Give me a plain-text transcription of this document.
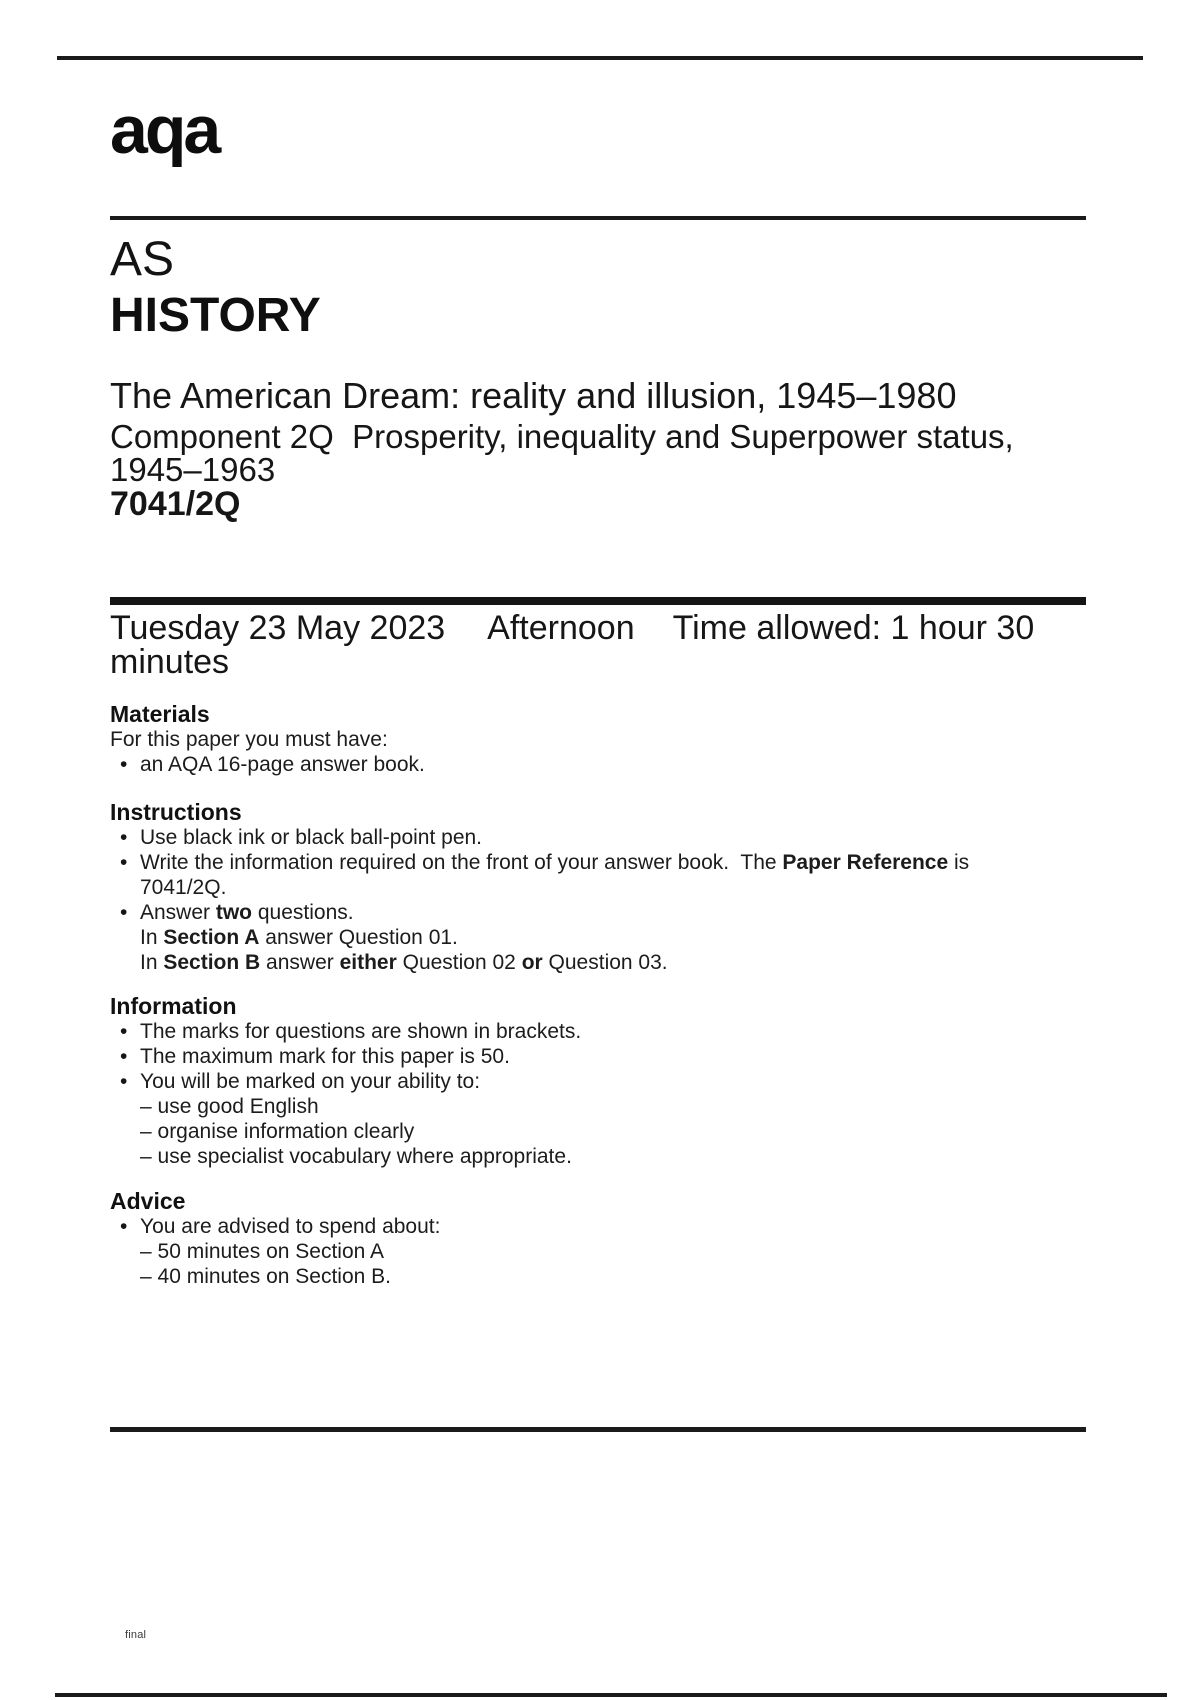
aqa
AS
HISTORY

The American Dream: reality and illusion, 1945–1980

Component 2Q  Prosperity, inequality and Superpower status, 1945–1963

7041/2Q

Tuesday 23 May 2023 Afternoon Time allowed: 1 hour 30 minutes

Materials

For this paper you must have:

• an AQA 16-page answer book.

Instructions
• Use black ink or black ball-point pen.

• Write the information required on the front of your answer book.  The Paper Reference is

7041/2Q.

• Answer two questions.

In Section A answer Question 01.

In Section B answer either Question 02 or Question 03.

Information
• The marks for questions are shown in brackets.

• The maximum mark for this paper is 50.

• You will be marked on your ability to:

– use good English

– organise information clearly

– use specialist vocabulary where appropriate.

Advice
• You are advised to spend about:

– 50 minutes on Section A

– 40 minutes on Section B.

final
